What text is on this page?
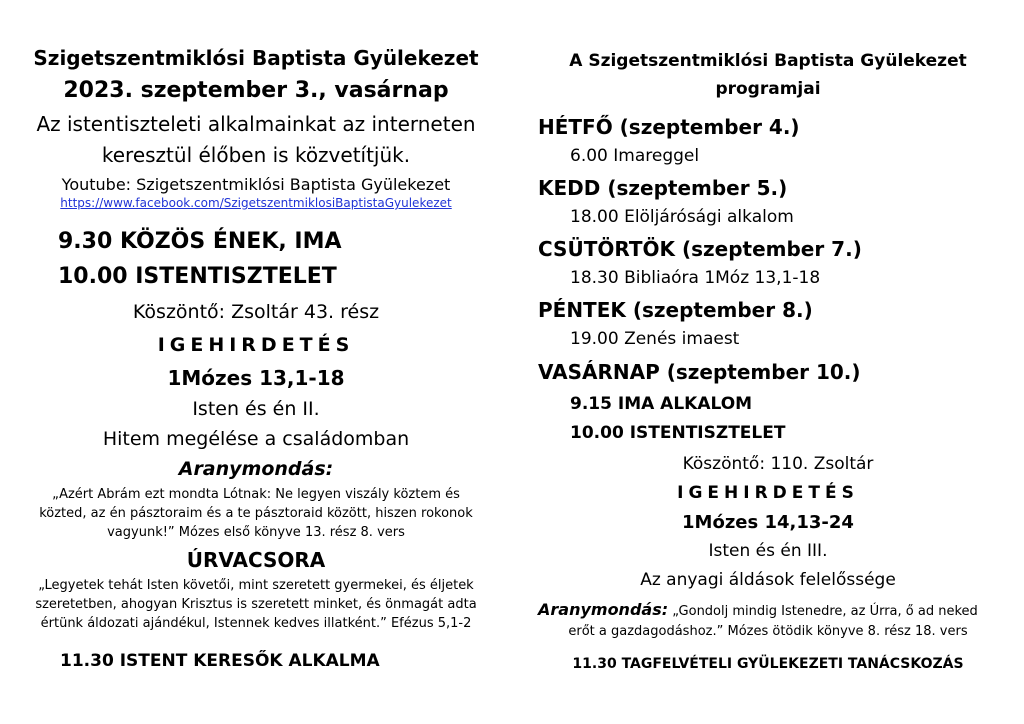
Szigetszentmiklósi Baptista Gyülekezet
2023. szeptember 3., vasárnap
Az istentiszteleti alkalmainkat az interneten
keresztül élőben is közvetítjük.
Youtube: Szigetszentmiklósi Baptista Gyülekezet
https://www.facebook.com/SzigetszentmiklosiBaptistaGyulekezet
9.30 KÖZÖS ÉNEK, IMA
10.00 ISTENTISZTELET
Köszöntő: Zsoltár 43. rész
IGEHIRDETÉS
1Mózes 13,1-18
Isten és én II.
Hitem megélése a családomban
Aranymondás:
„Azért Abrám ezt mondta Lótnak: Ne legyen viszály köztem és
közted, az én pásztoraim és a te pásztoraid között, hiszen rokonok
vagyunk!” Mózes első könyve 13. rész 8. vers
ÚRVACSORA
„Legyetek tehát Isten követői, mint szeretett gyermekei, és éljetek
szeretetben, ahogyan Krisztus is szeretett minket, és önmagát adta
értünk áldozati ajándékul, Istennek kedves illatként.” Efézus 5,1-2
11.30 ISTENT KERESŐK ALKALMA
A Szigetszentmiklósi Baptista Gyülekezet
programjai
HÉTFŐ (szeptember 4.)
6.00 Imareggel
KEDD (szeptember 5.)
18.00 Elöljárósági alkalom
CSÜTÖRTÖK (szeptember 7.)
18.30 Bibliaóra 1Móz 13,1-18
PÉNTEK (szeptember 8.)
19.00 Zenés imaest
VASÁRNAP (szeptember 10.)
9.15 IMA ALKALOM
10.00 ISTENTISZTELET
Köszöntő: 110. Zsoltár
IGEHIRDETÉS
1Mózes 14,13-24
Isten és én III.
Az anyagi áldások felelőssége
Aranymondás: „Gondolj mindig Istenedre, az Úrra, ő ad neked
erőt a gazdagodáshoz.” Mózes ötödik könyve 8. rész 18. vers
11.30 TAGFELVÉTELI GYÜLEKEZETI TANÁCSKOZÁS
